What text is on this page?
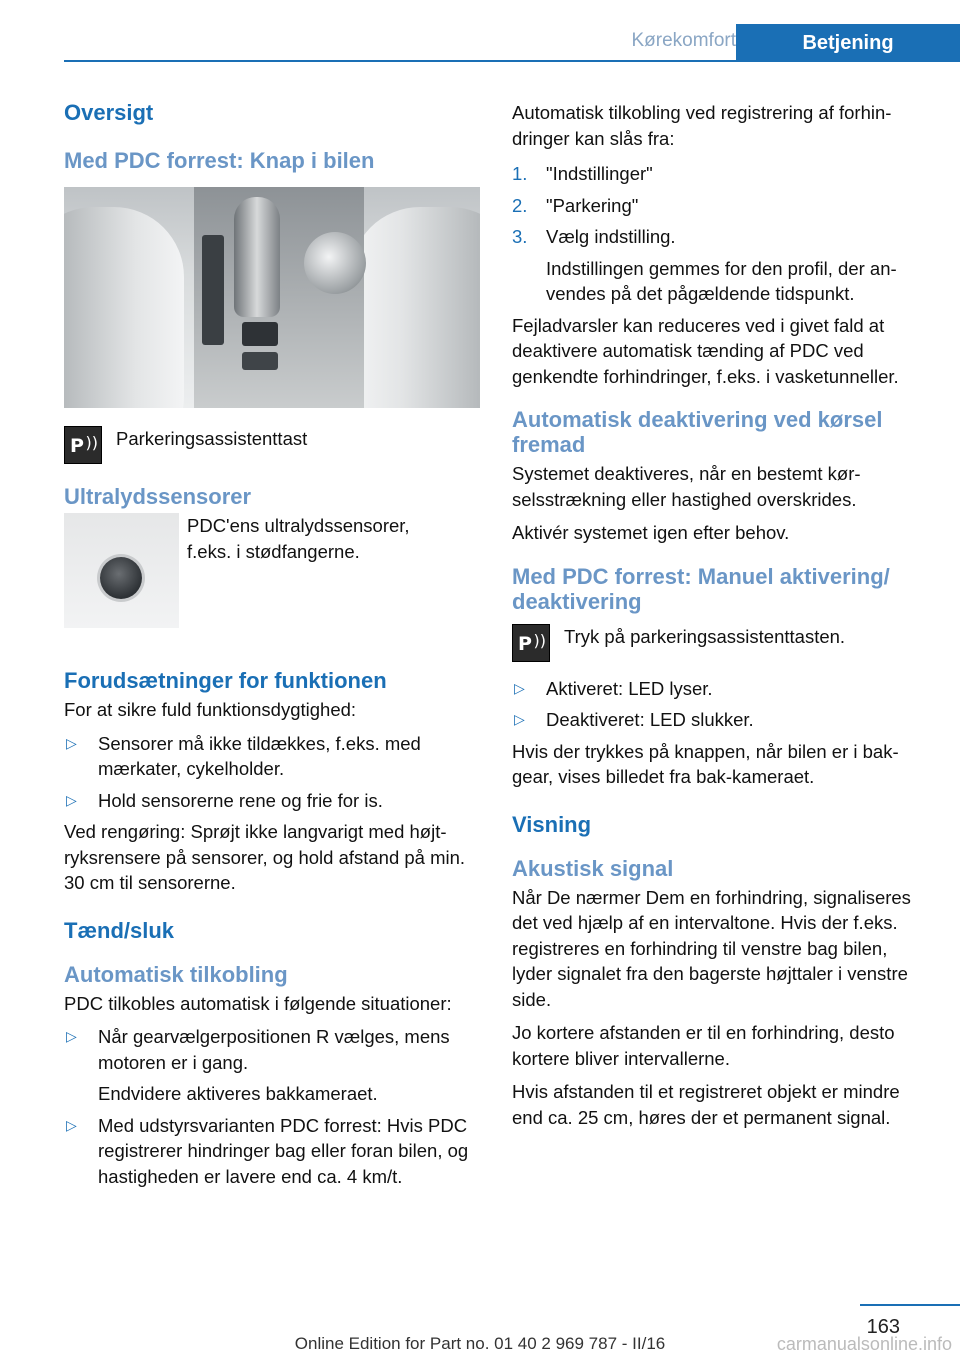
Kørekomfort	Betjening
Oversigt
Med PDC forrest: Knap i bilen
P )) Parkeringsassistenttast
Ultralydssensorer

PDC'ens ultralydssensorer, f.eks. i stødfangerne.

Forudsætninger for funktionen

For at sikre fuld funktionsdygtighed:

▷ Sensorer må ikke tildækkes, f.eks. med mærkater, cykelholder.
▷ Hold sensorerne rene og frie for is.

Ved rengøring: Sprøjt ikke langvarigt med højtryksrensere på sensorer, og hold afstand på min. 30 cm til sensorerne.

Tænd/sluk
Automatisk tilkobling

PDC tilkobles automatisk i følgende situationer:

▷ Når gearvælgerpositionen R vælges, mens motoren er i gang.

Endvidere aktiveres bakkameraet.

▷ Med udstyrsvarianten PDC forrest: Hvis PDC registrerer hindringer bag eller foran bilen, og hastigheden er lavere end ca. 4 km/t.

Automatisk tilkobling ved registrering af forhindringer kan slås fra:

1. "Indstillinger"
2. "Parkering"
3. Vælg indstilling.

Indstillingen gemmes for den profil, der anvendes på det pågældende tidspunkt.

Fejladvarsler kan reduceres ved i givet fald at deaktivere automatisk tænding af PDC ved genkendte forhindringer, f.eks. i vasketunneller.

Automatisk deaktivering ved kørsel fremad

Systemet deaktiveres, når en bestemt kørselsstrækning eller hastighed overskrides.

Aktivér systemet igen efter behov.

Med PDC forrest: Manuel aktivering/ deaktivering
P )) Tryk på parkeringsassistenttasten.
▷ Aktiveret: LED lyser.
▷ Deaktiveret: LED slukker.

Hvis der trykkes på knappen, når bilen er i bakgear, vises billedet fra bak-kameraet.

Visning
Akustisk signal

Når De nærmer Dem en forhindring, signaliseres det ved hjælp af en intervaltone. Hvis der f.eks. registreres en forhindring til venstre bag bilen, lyder signalet fra den bagerste højttaler i venstre side.

Jo kortere afstanden er til en forhindring, desto kortere bliver intervallerne.

Hvis afstanden til et registreret objekt er mindre end ca. 25 cm, høres der et permanent signal.

163
Online Edition for Part no. 01 40 2 969 787 - II/16	carmanualsonline.info
